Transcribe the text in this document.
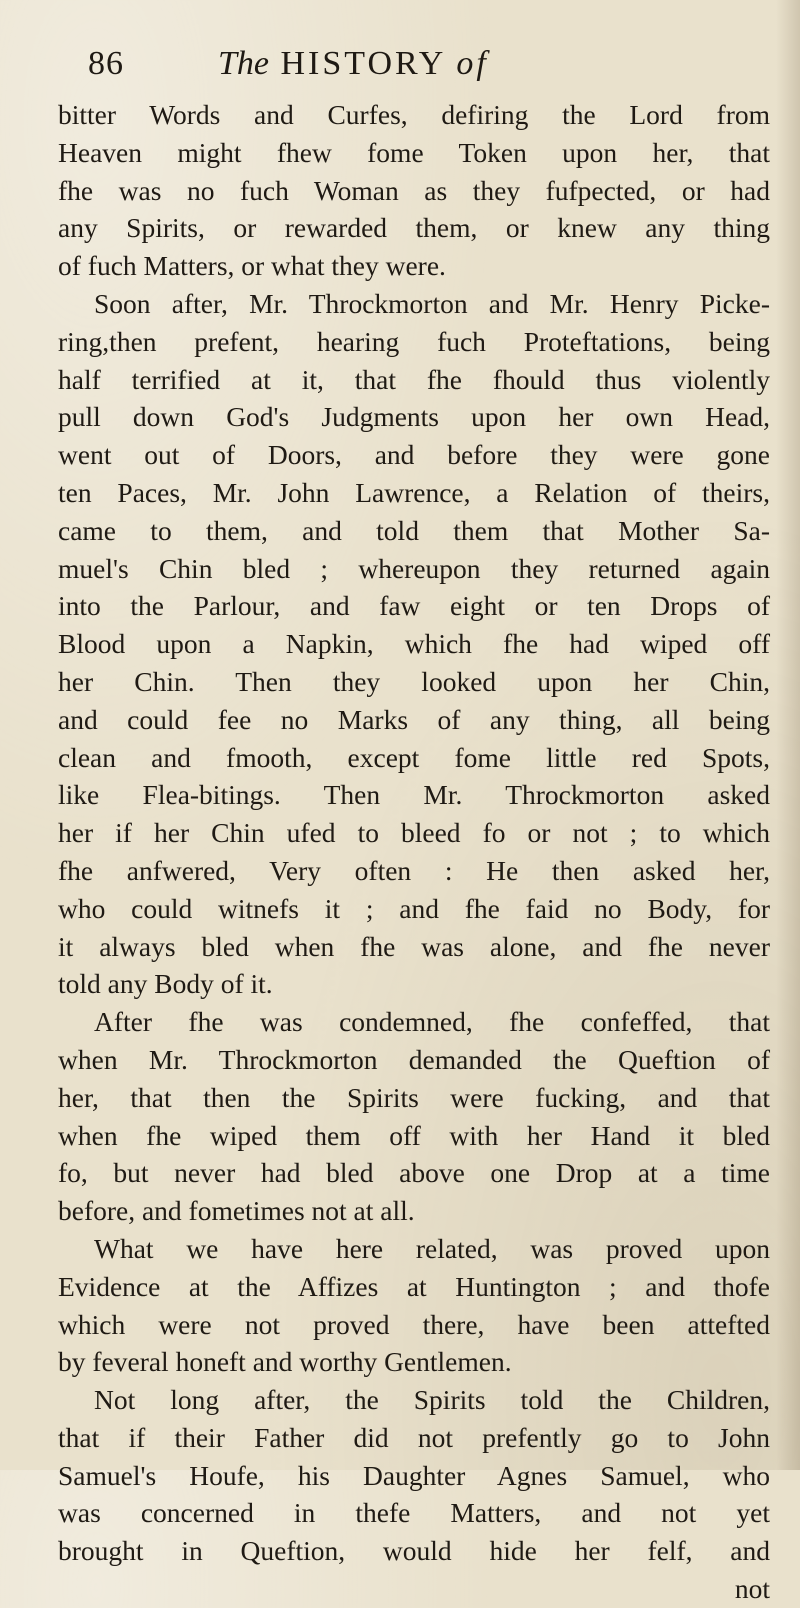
86	The HISTORY of
bitter Words and Curfes, defiring the Lord from
Heaven might fhew fome Token upon her, that
fhe was no fuch Woman as they fufpected, or had
any Spirits, or rewarded them, or knew any thing
of fuch Matters, or what they were.
Soon after, Mr. Throckmorton and Mr. Henry Picke-
ring,then prefent, hearing fuch Proteftations, being
half terrified at it, that fhe fhould thus violently
pull down God's Judgments upon her own Head,
went out of Doors, and before they were gone
ten Paces, Mr. John Lawrence, a Relation of theirs,
came to them, and told them that Mother Sa-
muel's Chin bled ; whereupon they returned again
into the Parlour, and faw eight or ten Drops of
Blood upon a Napkin, which fhe had wiped off
her Chin. Then they looked upon her Chin,
and could fee no Marks of any thing, all being
clean and fmooth, except fome little red Spots,
like Flea-bitings. Then Mr. Throckmorton asked
her if her Chin ufed to bleed fo or not ; to which
fhe anfwered, Very often : He then asked her,
who could witnefs it ; and fhe faid no Body, for
it always bled when fhe was alone, and fhe never
told any Body of it.
After fhe was condemned, fhe confeffed, that
when Mr. Throckmorton demanded the Queftion of
her, that then the Spirits were fucking, and that
when fhe wiped them off with her Hand it bled
fo, but never had bled above one Drop at a time
before, and fometimes not at all.
What we have here related, was proved upon
Evidence at the Affizes at Huntington ; and thofe
which were not proved there, have been attefted
by feveral honeft and worthy Gentlemen.
Not long after, the Spirits told the Children,
that if their Father did not prefently go to John
Samuel's Houfe, his Daughter Agnes Samuel, who
was concerned in thefe Matters, and not yet
brought in Queftion, would hide her felf, and
not
